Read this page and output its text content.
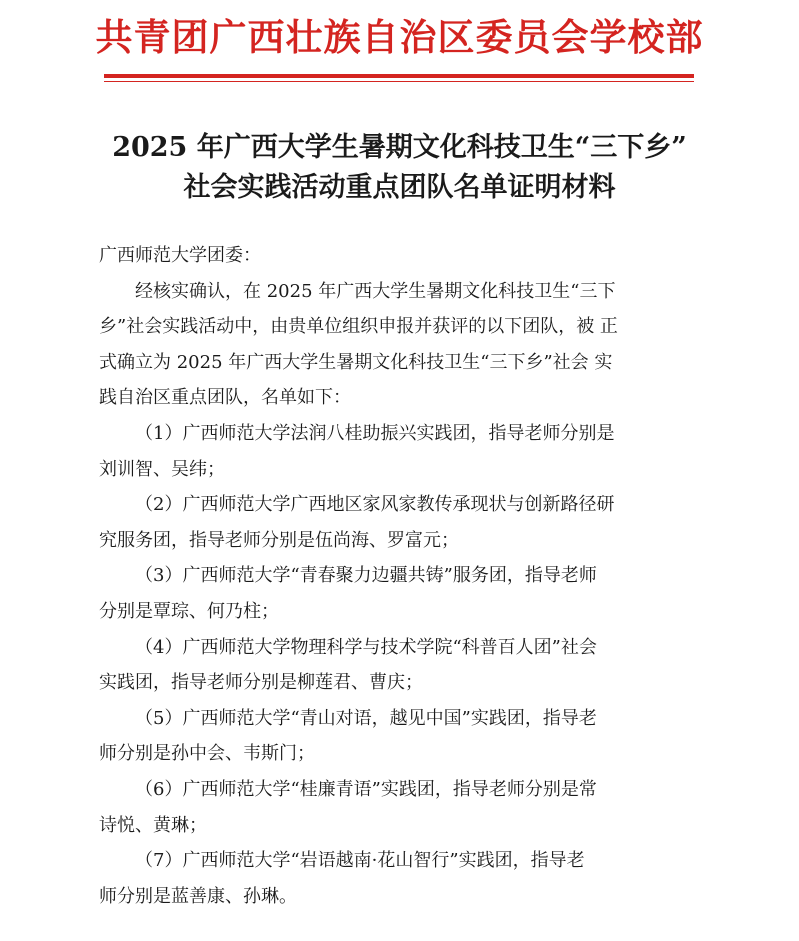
共青团广西壮族自治区委员会学校部
2025 年广西大学生暑期文化科技卫生“三下乡”
社会实践活动重点团队名单证明材料

广西师范大学团委：

经核实确认，在 2025 年广西大学生暑期文化科技卫生“三下

乡”社会实践活动中，由贵单位组织申报并获评的以下团队，被 正

式确立为 2025 年广西大学生暑期文化科技卫生“三下乡”社会 实

践自治区重点团队，名单如下：

（1）广西师范大学法润八桂助振兴实践团，指导老师分别是

刘训智、吴纬；

（2）广西师范大学广西地区家风家教传承现状与创新路径研

究服务团，指导老师分别是伍尚海、罗富元；

（3）广西师范大学“青春聚力边疆共铸”服务团，指导老师

分别是覃琮、何乃柱；

（4）广西师范大学物理科学与技术学院“科普百人团”社会

实践团，指导老师分别是柳莲君、曹庆；

（5）广西师范大学“青山对语，越见中国”实践团，指导老

师分别是孙中会、韦斯门；

（6）广西师范大学“桂廉青语”实践团，指导老师分别是常

诗悦、黄琳；

（7）广西师范大学“岩语越南·花山智行”实践团，指导老

师分别是蓝善康、孙琳。
